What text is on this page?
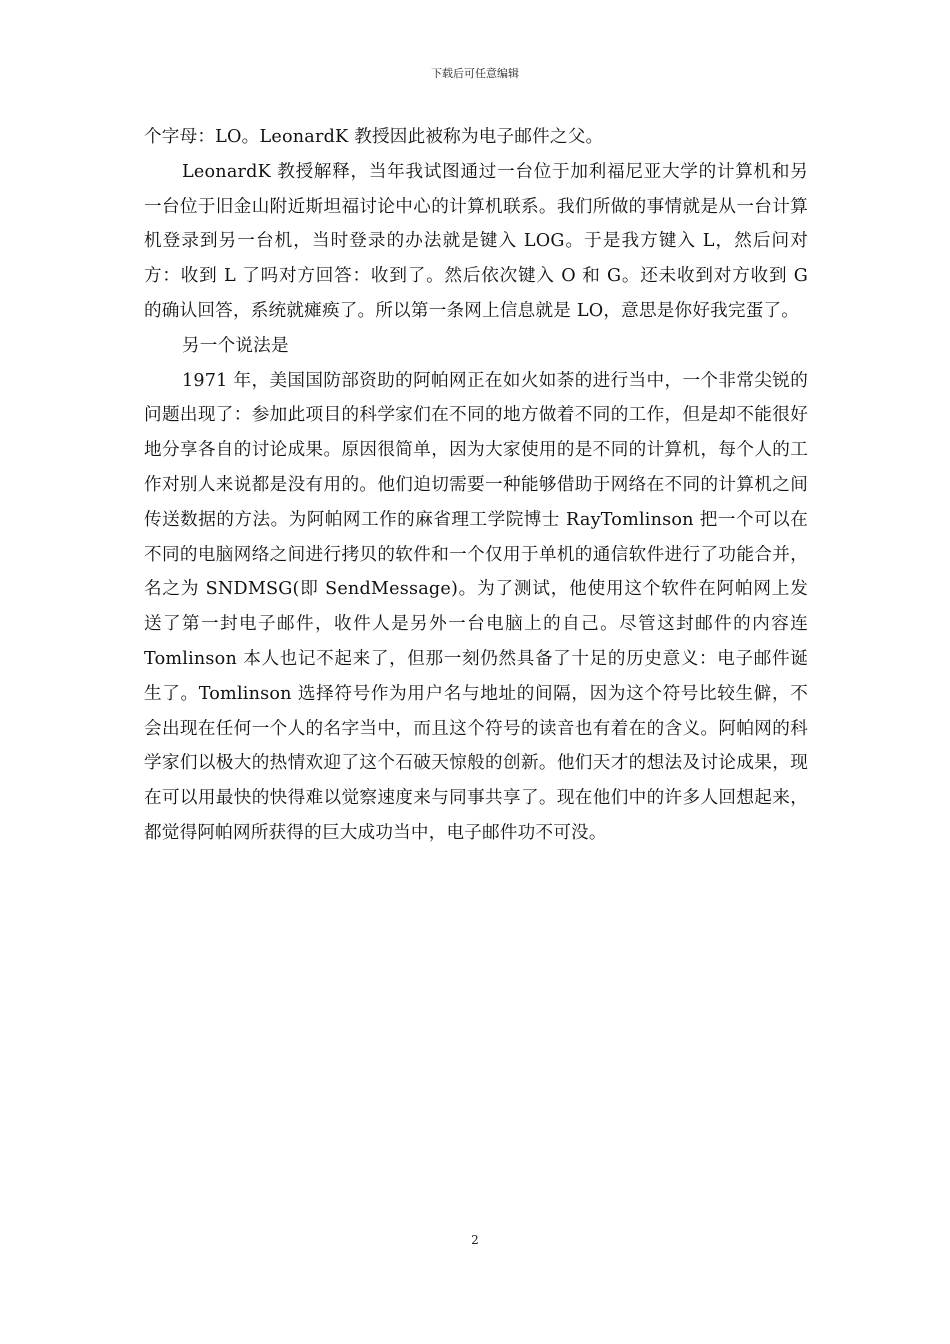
下载后可任意编辑

个字母：LO。LeonardK 教授因此被称为电子邮件之父。

LeonardK 教授解释，当年我试图通过一台位于加利福尼亚大学的计算机和另一台位于旧金山附近斯坦福讨论中心的计算机联系。我们所做的事情就是从一台计算机登录到另一台机，当时登录的办法就是键入 LOG。于是我方键入 L，然后问对方：收到 L 了吗对方回答：收到了。然后依次键入 O 和 G。还未收到对方收到 G 的确认回答，系统就瘫痪了。所以第一条网上信息就是 LO，意思是你好我完蛋了。

另一个说法是

1971 年，美国国防部资助的阿帕网正在如火如荼的进行当中，一个非常尖锐的问题出现了：参加此项目的科学家们在不同的地方做着不同的工作，但是却不能很好地分享各自的讨论成果。原因很简单，因为大家使用的是不同的计算机，每个人的工作对别人来说都是没有用的。他们迫切需要一种能够借助于网络在不同的计算机之间传送数据的方法。为阿帕网工作的麻省理工学院博士 RayTomlinson 把一个可以在不同的电脑网络之间进行拷贝的软件和一个仅用于单机的通信软件进行了功能合并，名之为 SNDMSG(即 SendMessage)。为了测试，他使用这个软件在阿帕网上发送了第一封电子邮件，收件人是另外一台电脑上的自己。尽管这封邮件的内容连 Tomlinson 本人也记不起来了，但那一刻仍然具备了十足的历史意义：电子邮件诞生了。Tomlinson 选择符号作为用户名与地址的间隔，因为这个符号比较生僻，不会出现在任何一个人的名字当中，而且这个符号的读音也有着在的含义。阿帕网的科学家们以极大的热情欢迎了这个石破天惊般的创新。他们天才的想法及讨论成果，现在可以用最快的快得难以觉察速度来与同事共享了。现在他们中的许多人回想起来，都觉得阿帕网所获得的巨大成功当中，电子邮件功不可没。

2
